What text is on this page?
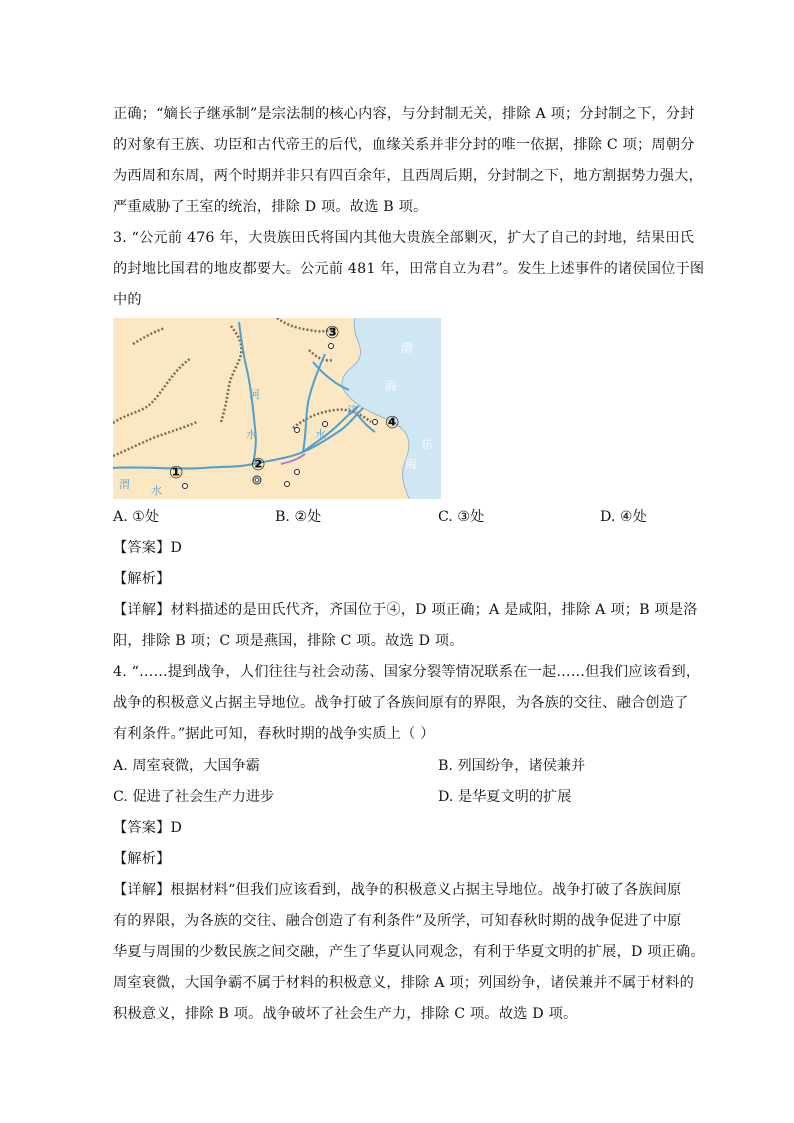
正确；“嫡长子继承制”是宗法制的核心内容，与分封制无关，排除 A 项；分封制之下，分封
的对象有王族、功臣和古代帝王的后代，血缘关系并非分封的唯一依据，排除 C 项；周朝分
为西周和东周，两个时期并非只有四百余年，且西周后期，分封制之下，地方割据势力强大，
严重威胁了王室的统治，排除 D 项。故选 B 项。
3. “公元前 476 年，大贵族田氏将国内其他大贵族全部剿灭，扩大了自己的封地，结果田氏
的封地比国君的地皮都要大。公元前 481 年，田常自立为君”。发生上述事件的诸侯国位于图
中的
①	②
③
④
渤
海
东
海
河
水
济
水
渭 水
A. ①处	B. ②处	C. ③处	D. ④处
【答案】D
【解析】
【详解】材料描述的是田氏代齐，齐国位于④，D 项正确；A 是咸阳，排除 A 项；B 项是洛
阳，排除 B 项；C 项是燕国，排除 C 项。故选 D 项。
4. “……提到战争，人们往往与社会动荡、国家分裂等情况联系在一起……但我们应该看到，
战争的积极意义占据主导地位。战争打破了各族间原有的界限，为各族的交往、融合创造了
有利条件。”据此可知，春秋时期的战争实质上（ ）
A. 周室衰微，大国争霸	B. 列国纷争，诸侯兼并
C. 促进了社会生产力进步	D. 是华夏文明的扩展
【答案】D
【解析】
【详解】根据材料“但我们应该看到，战争的积极意义占据主导地位。战争打破了各族间原
有的界限，为各族的交往、融合创造了有利条件”及所学，可知春秋时期的战争促进了中原
华夏与周围的少数民族之间交融，产生了华夏认同观念，有利于华夏文明的扩展，D 项正确。
周室衰微，大国争霸不属于材料的积极意义，排除 A 项；列国纷争，诸侯兼并不属于材料的
积极意义，排除 B 项。战争破坏了社会生产力，排除 C 项。故选 D 项。
